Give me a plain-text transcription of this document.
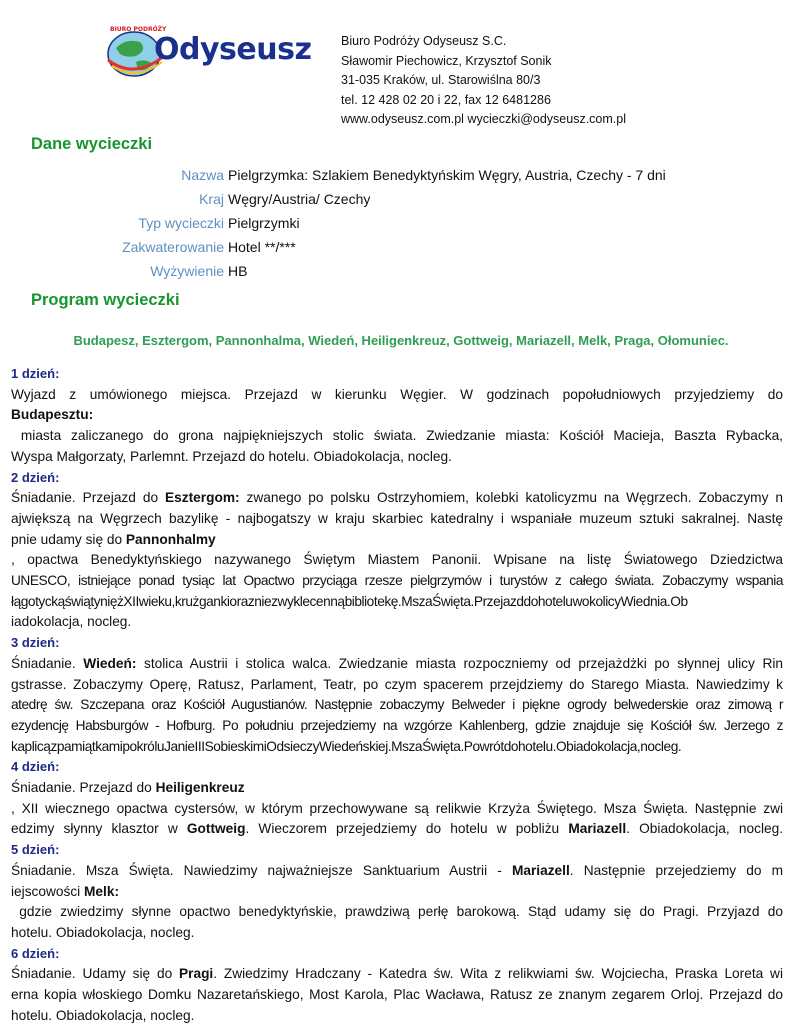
BIURO PODRÓŻY
Odyseusz Biuro Podróży Odyseusz S.C.
Sławomir Piechowicz, Krzysztof Sonik
31-035 Kraków, ul. Starowiślna 80/3
tel. 12 428 02 20 i 22, fax 12 6481286
www.odyseusz.com.pl wycieczki@odyseusz.com.pl
Dane wycieczki
Nazwa Pielgrzymka: Szlakiem Benedyktyńskim Węgry, Austria, Czechy - 7 dni
Kraj Węgry/Austria/ Czechy
Typ wycieczki Pielgrzymki
Zakwaterowanie Hotel **/***
Wyżywienie HB
Program wycieczki
Budapesz, Esztergom, Pannonhalma, Wiedeń, Heiligenkreuz, Gottweig, Mariazell, Melk, Praga, Ołomuniec.
1 dzień:
Wyjazd z umówionego miejsca. Przejazd w kierunku Węgier. W godzinach popołudniowych przyjedziemy do
Budapesztu:
miasta zaliczanego do grona najpiękniejszych stolic świata. Zwiedzanie miasta: Kościół Macieja, Baszta Rybacka,
Wyspa Małgorzaty, Parlemnt. Przejazd do hotelu. Obiadokolacja, nocleg.
2 dzień:
Śniadanie. Przejazd do Esztergom: zwanego po polsku Ostrzyhomiem, kolebki katolicyzmu na Węgrzech. Zobaczymy n
ajwiększą na Węgrzech bazylikę - najbogatszy w kraju skarbiec katedralny i wspaniałe muzeum sztuki sakralnej. Nastę
pnie udamy się do Pannonhalmy
, opactwa Benedyktyńskiego nazywanego Świętym Miastem Panonii. Wpisane na listę Światowego Dziedzictwa
UNESCO, istniejące ponad tysiąc lat Opactwo przyciąga rzesze pielgrzymów i turystów z całego świata. Zobaczymy wspania
łągotyckąświątyniężXIIwieku,krużgankiorazniezwyklecennąbibliotekę.MszaŚwięta.PrzejazddohoteluwokolicyWiednia.Ob
iadokolacja, nocleg.
3 dzień:
Śniadanie. Wiedeń: stolica Austrii i stolica walca. Zwiedzanie miasta rozpoczniemy od przejażdżki po słynnej ulicy Rin
gstrasse. Zobaczymy Operę, Ratusz, Parlament, Teatr, po czym spacerem przejdziemy do Starego Miasta. Nawiedzimy k
atedrę św. Szczepana oraz Kościół Augustianów. Następnie zobaczymy Belweder i piękne ogrody belwederskie oraz zimową r
ezydencję Habsburgów - Hofburg. Po południu przejedziemy na wzgórze Kahlenberg, gdzie znajduje się Kościół św. Jerzego z
kaplicązpamiątkamipokróluJanieIIISobieskimiOdsieczyWiedeńskiej.MszaŚwięta.Powrótdohotelu.Obiadokolacja,nocleg.
4 dzień:
Śniadanie. Przejazd do Heiligenkreuz
, XII wiecznego opactwa cystersów, w którym przechowywane są relikwie Krzyża Świętego. Msza Święta. Następnie zwi
edzimy słynny klasztor w Gottweig. Wieczorem przejedziemy do hotelu w pobliżu Mariazell. Obiadokolacja, nocleg.
5 dzień:
Śniadanie. Msza Święta. Nawiedzimy najważniejsze Sanktuarium Austrii - Mariazell. Następnie przejedziemy do m
iejscowości Melk:
gdzie zwiedzimy słynne opactwo benedyktyńskie, prawdziwą perłę barokową. Stąd udamy się do Pragi. Przyjazd do
hotelu. Obiadokolacja, nocleg.
6 dzień:
Śniadanie. Udamy się do Pragi. Zwiedzimy Hradczany - Katedra św. Wita z relikwiami św. Wojciecha, Praska Loreta wi
erna kopia włoskiego Domku Nazaretańskiego, Most Karola, Plac Wacława, Ratusz ze znanym zegarem Orloj. Przejazd do
hotelu. Obiadokolacja, nocleg.
